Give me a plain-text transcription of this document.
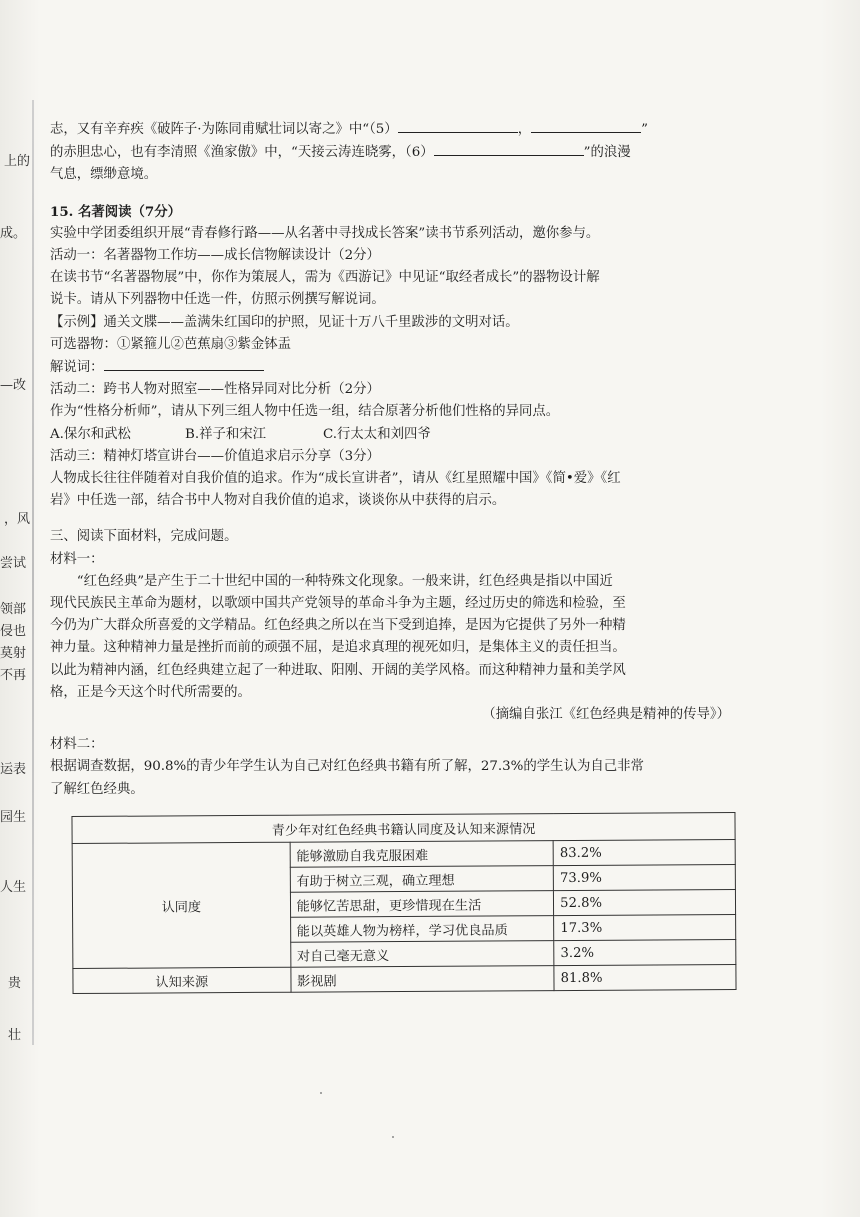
上的
成。
—改
，风
尝试
领部
侵也
莫射
不再
运表
园生
人生
贵
壮

志，又有辛弃疾《破阵子·为陈同甫赋壮词以寄之》中“（5）	，	”

的赤胆忠心，也有李清照《渔家傲》中，“天接云涛连晓雾，（6）	”的浪漫

气息，缥缈意境。

15. 名著阅读（7分）

实验中学团委组织开展“青春修行路——从名著中寻找成长答案”读书节系列活动，邀你参与。

活动一：名著器物工作坊——成长信物解读设计（2分）

在读书节“名著器物展”中，你作为策展人，需为《西游记》中见证“取经者成长”的器物设计解

说卡。请从下列器物中任选一件，仿照示例撰写解说词。

【示例】通关文牒——盖满朱红国印的护照，见证十万八千里跋涉的文明对话。

可选器物：①紧箍儿②芭蕉扇③紫金钵盂

解说词：

活动二：跨书人物对照室——性格异同对比分析（2分）

作为“性格分析师”，请从下列三组人物中任选一组，结合原著分析他们性格的异同点。

A.保尔和武松	B.祥子和宋江	C.行太太和刘四爷

活动三：精神灯塔宣讲台——价值追求启示分享（3分）

人物成长往往伴随着对自我价值的追求。作为“成长宣讲者”，请从《红星照耀中国》《简•爱》《红

岩》中任选一部，结合书中人物对自我价值的追求，谈谈你从中获得的启示。

三、阅读下面材料，完成问题。

材料一：

“红色经典”是产生于二十世纪中国的一种特殊文化现象。一般来讲，红色经典是指以中国近

现代民族民主革命为题材，以歌颂中国共产党领导的革命斗争为主题，经过历史的筛选和检验，至

今仍为广大群众所喜爱的文学精品。红色经典之所以在当下受到追捧，是因为它提供了另外一种精

神力量。这种精神力量是挫折而前的顽强不屈，是追求真理的视死如归，是集体主义的责任担当。

以此为精神内涵，红色经典建立起了一种进取、阳刚、开阔的美学风格。而这种精神力量和美学风

格，正是今天这个时代所需要的。

（摘编自张江《红色经典是精神的传导》）

材料二：

根据调查数据，90.8%的青少年学生认为自己对红色经典书籍有所了解，27.3%的学生认为自己非常

了解红色经典。

青少年对红色经典书籍认同度及认知来源情况		
认同度	能够激励自我克服困难	83.2%
	有助于树立三观，确立理想	73.9%
	能够忆苦思甜，更珍惜现在生活	52.8%
	能以英雄人物为榜样，学习优良品质	17.3%
	对自己毫无意义	3.2%
认知来源	影视剧	81.8%
